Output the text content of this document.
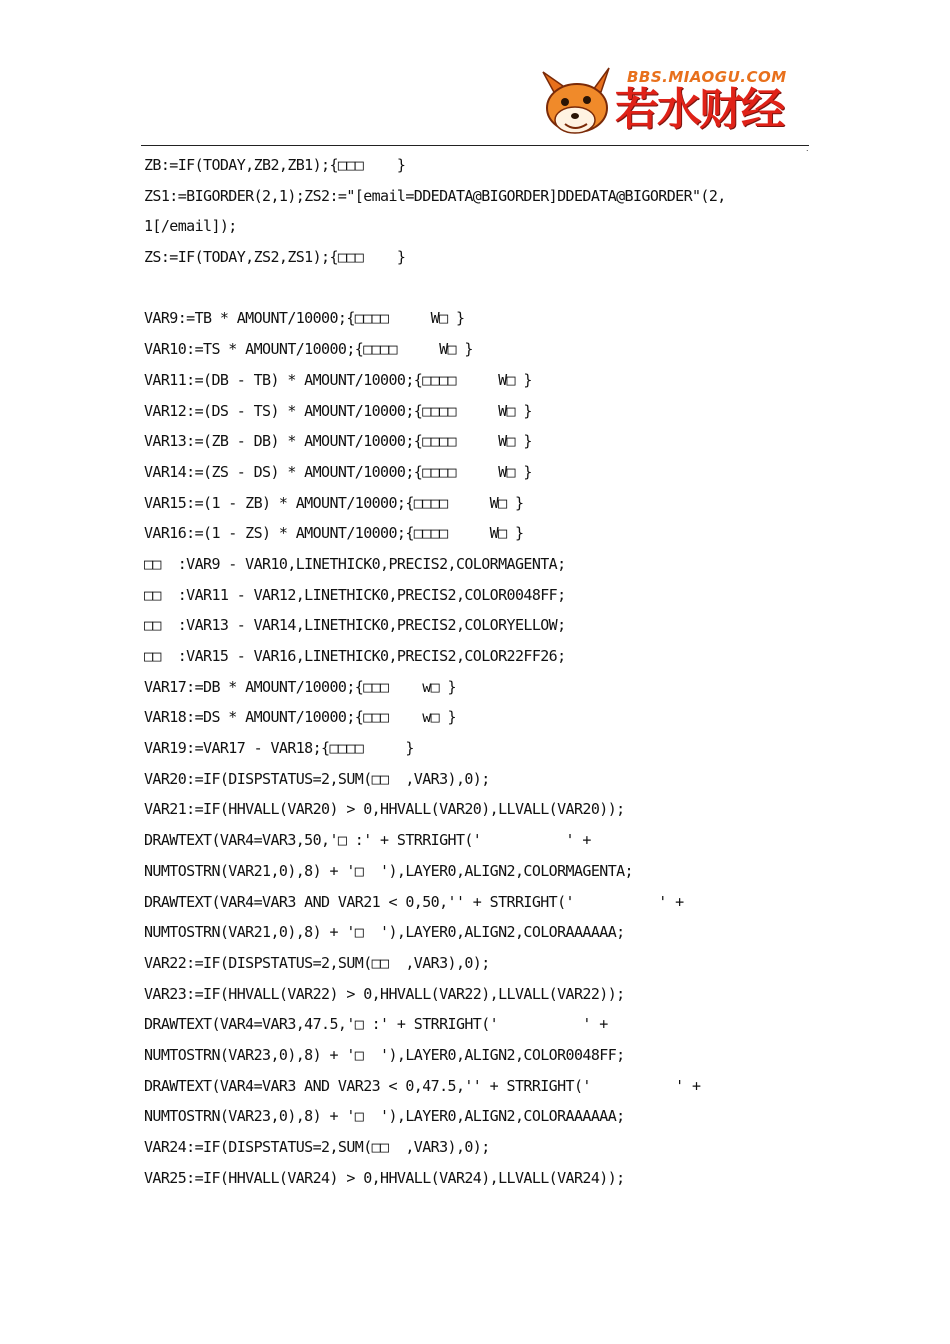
BBS.MIAOGU.COM
若水财经
.
ZB:=IF(TODAY,ZB2,ZB1);{□□□    }
ZS1:=BIGORDER(2,1);ZS2:="[email=DDEDATA@BIGORDER]DDEDATA@BIGORDER"(2,
1[/email]);
ZS:=IF(TODAY,ZS2,ZS1);{□□□    }
VAR9:=TB * AMOUNT/10000;{□□□□     W□ }
VAR10:=TS * AMOUNT/10000;{□□□□     W□ }
VAR11:=(DB - TB) * AMOUNT/10000;{□□□□     W□ }
VAR12:=(DS - TS) * AMOUNT/10000;{□□□□     W□ }
VAR13:=(ZB - DB) * AMOUNT/10000;{□□□□     W□ }
VAR14:=(ZS - DS) * AMOUNT/10000;{□□□□     W□ }
VAR15:=(1 - ZB) * AMOUNT/10000;{□□□□     W□ }
VAR16:=(1 - ZS) * AMOUNT/10000;{□□□□     W□ }
□□  :VAR9 - VAR10,LINETHICK0,PRECIS2,COLORMAGENTA;
□□  :VAR11 - VAR12,LINETHICK0,PRECIS2,COLOR0048FF;
□□  :VAR13 - VAR14,LINETHICK0,PRECIS2,COLORYELLOW;
□□  :VAR15 - VAR16,LINETHICK0,PRECIS2,COLOR22FF26;
VAR17:=DB * AMOUNT/10000;{□□□    w□ }
VAR18:=DS * AMOUNT/10000;{□□□    w□ }
VAR19:=VAR17 - VAR18;{□□□□     }
VAR20:=IF(DISPSTATUS=2,SUM(□□  ,VAR3),0);
VAR21:=IF(HHVALL(VAR20) > 0,HHVALL(VAR20),LLVALL(VAR20));
DRAWTEXT(VAR4=VAR3,50,'□ :' + STRRIGHT('          ' +
NUMTOSTRN(VAR21,0),8) + '□  '),LAYER0,ALIGN2,COLORMAGENTA;
DRAWTEXT(VAR4=VAR3 AND VAR21 < 0,50,'' + STRRIGHT('          ' +
NUMTOSTRN(VAR21,0),8) + '□  '),LAYER0,ALIGN2,COLORAAAAAA;
VAR22:=IF(DISPSTATUS=2,SUM(□□  ,VAR3),0);
VAR23:=IF(HHVALL(VAR22) > 0,HHVALL(VAR22),LLVALL(VAR22));
DRAWTEXT(VAR4=VAR3,47.5,'□ :' + STRRIGHT('          ' +
NUMTOSTRN(VAR23,0),8) + '□  '),LAYER0,ALIGN2,COLOR0048FF;
DRAWTEXT(VAR4=VAR3 AND VAR23 < 0,47.5,'' + STRRIGHT('          ' +
NUMTOSTRN(VAR23,0),8) + '□  '),LAYER0,ALIGN2,COLORAAAAAA;
VAR24:=IF(DISPSTATUS=2,SUM(□□  ,VAR3),0);
VAR25:=IF(HHVALL(VAR24) > 0,HHVALL(VAR24),LLVALL(VAR24));
